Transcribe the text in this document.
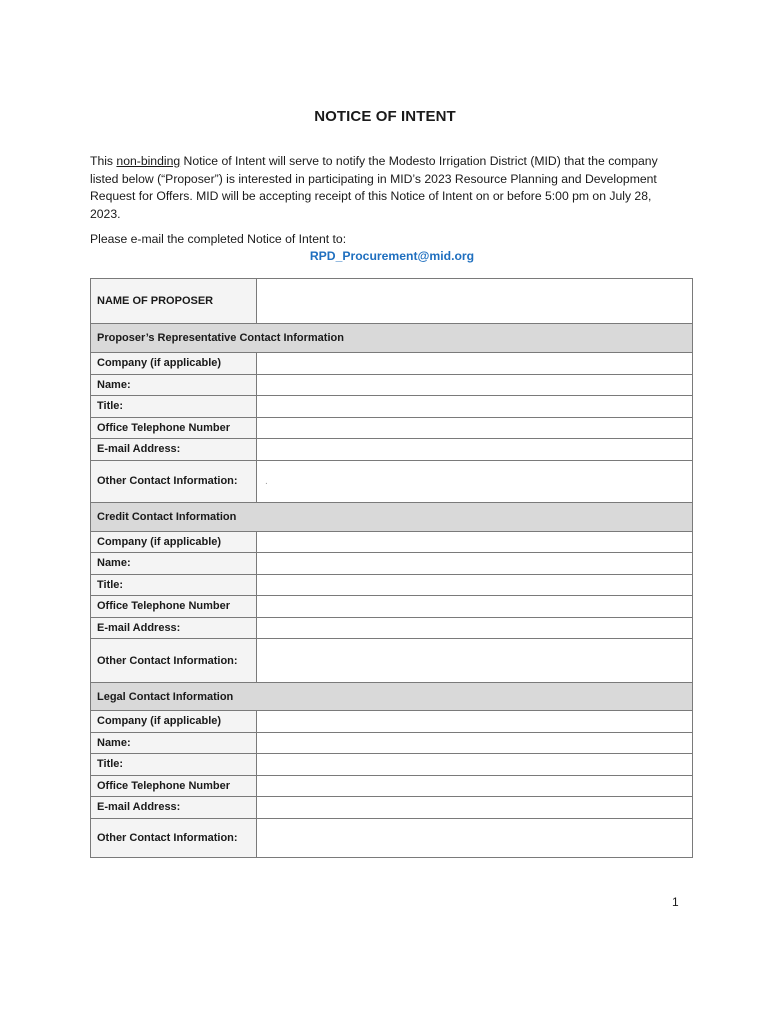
NOTICE OF INTENT
This non-binding Notice of Intent will serve to notify the Modesto Irrigation District (MID) that the company listed below (“Proposer”) is interested in participating in MID’s 2023 Resource Planning and Development Request for Offers. MID will be accepting receipt of this Notice of Intent on or before 5:00 pm on July 28, 2023.
Please e-mail the completed Notice of Intent to:
RPD_Procurement@mid.org
NAME OF PROPOSER	
Proposer’s Representative Contact Information	
Company (if applicable)	
Name:	
Title:	
Office Telephone Number	
E-mail Address:	
Other Contact Information:	.
Credit Contact Information	
Company (if applicable)	
Name:	
Title:	
Office Telephone Number	
E-mail Address:	
Other Contact Information:	
Legal Contact Information	
Company (if applicable)	
Name:	
Title:	
Office Telephone Number	
E-mail Address:	
Other Contact Information:	
1
